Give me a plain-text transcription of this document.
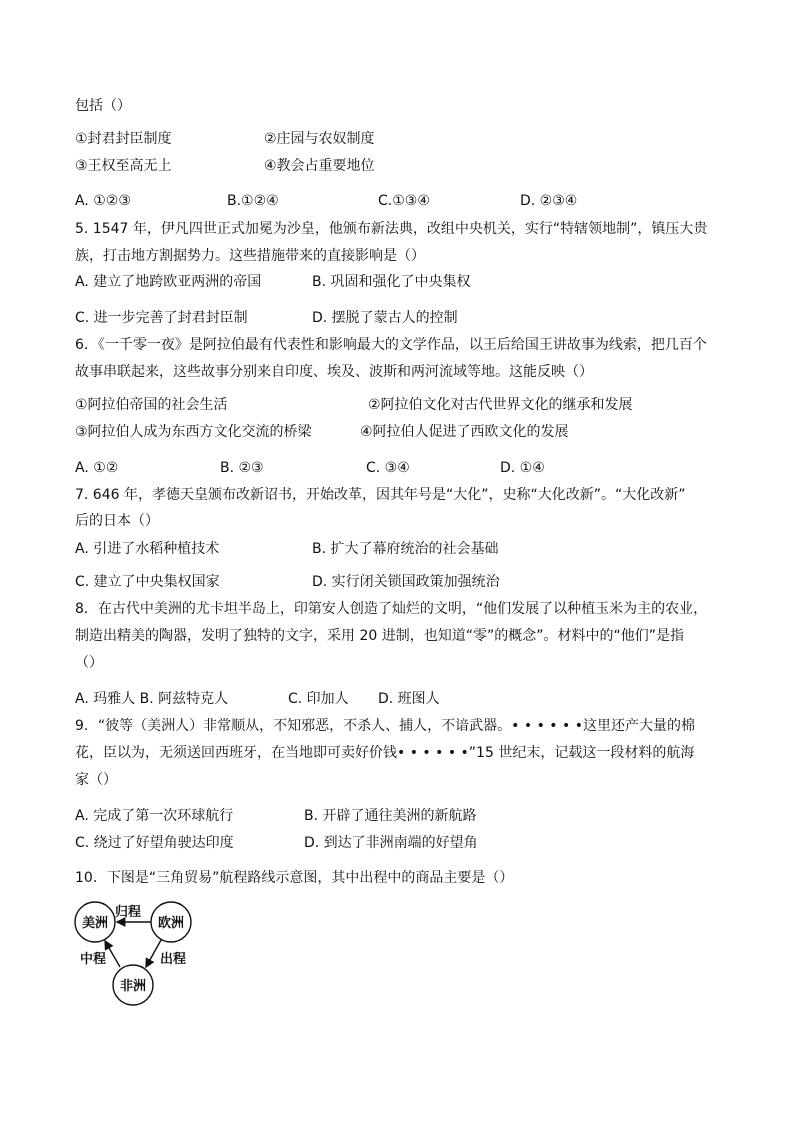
包括（）
①封君封臣制度	②庄园与农奴制度
③王权至高无上	④教会占重要地位
A. ①②③	B.①②④	C.①③④	D. ②③④
5. 1547 年，伊凡四世正式加冕为沙皇，他颁布新法典，改组中央机关，实行“特辖领地制”，镇压大贵
族，打击地方割据势力。这些措施带来的直接影响是（）
A. 建立了地跨欧亚两洲的帝国	B. 巩固和强化了中央集权
C. 进一步完善了封君封臣制	D. 摆脱了蒙古人的控制
6．《一千零一夜》是阿拉伯最有代表性和影响最大的文学作品，以王后给国王讲故事为线索，把几百个
故事串联起来，这些故事分别来自印度、埃及、波斯和两河流域等地。这能反映（）
①阿拉伯帝国的社会生活	②阿拉伯文化对古代世界文化的继承和发展
③阿拉伯人成为东西方文化交流的桥梁	④阿拉伯人促进了西欧文化的发展
A. ①②	B. ②③	C. ③④	D. ①④
7. 646 年，孝德天皇颁布改新诏书，开始改革，因其年号是“大化”，史称“大化改新”。“大化改新”
后的日本（）
A. 引进了水稻种植技术	B. 扩大了幕府统治的社会基础
C. 建立了中央集权国家	D. 实行闭关锁国政策加强统治
8．在古代中美洲的尤卡坦半岛上，印第安人创造了灿烂的文明，“他们发展了以种植玉米为主的农业，
制造出精美的陶器，发明了独特的文字，采用 20 进制，也知道“零”的概念”。材料中的“他们”是指
（）
A. 玛雅人 B. 阿兹特克人	C. 印加人 D. 班图人
9．“彼等（美洲人）非常顺从，不知邪恶，不杀人、捕人，不谙武器。• • • • • •这里还产大量的棉
花，臣以为，无须送回西班牙，在当地即可卖好价钱• • • • • •”15 世纪末，记载这一段材料的航海
家（）
A. 完成了第一次环球航行	B. 开辟了通往美洲的新航路
C. 绕过了好望角驶达印度	D. 到达了非洲南端的好望角
10．下图是“三角贸易”航程路线示意图，其中出程中的商品主要是（）
美洲	欧洲
非洲
归程
出程
中程
